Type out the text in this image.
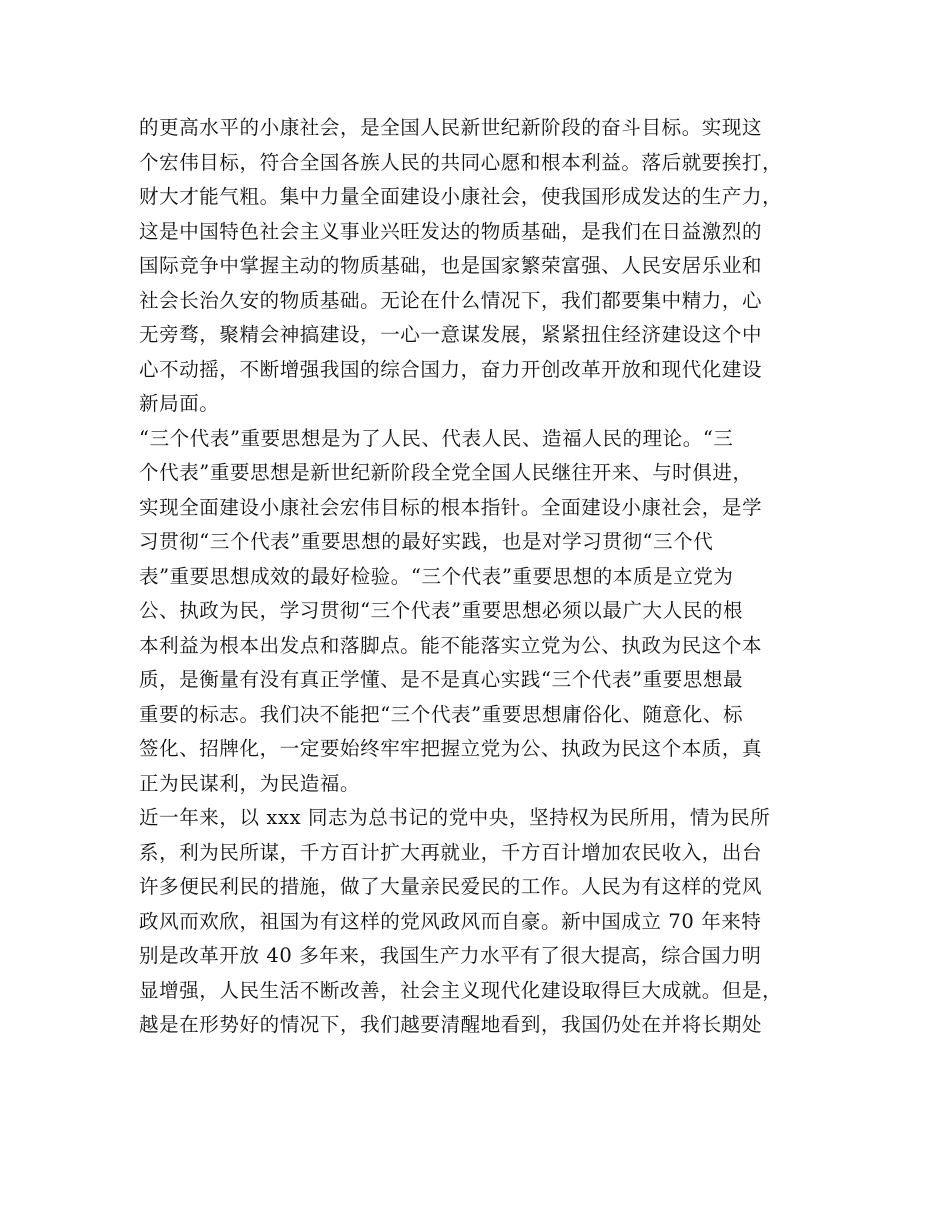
的更高水平的小康社会，是全国人民新世纪新阶段的奋斗目标。实现这
个宏伟目标，符合全国各族人民的共同心愿和根本利益。落后就要挨打，
财大才能气粗。集中力量全面建设小康社会，使我国形成发达的生产力，
这是中国特色社会主义事业兴旺发达的物质基础，是我们在日益激烈的
国际竞争中掌握主动的物质基础，也是国家繁荣富强、人民安居乐业和
社会长治久安的物质基础。无论在什么情况下，我们都要集中精力，心
无旁骛，聚精会神搞建设，一心一意谋发展，紧紧扭住经济建设这个中
心不动摇，不断增强我国的综合国力，奋力开创改革开放和现代化建设
新局面。
“三个代表”重要思想是为了人民、代表人民、造福人民的理论。“三
个代表”重要思想是新世纪新阶段全党全国人民继往开来、与时俱进，
实现全面建设小康社会宏伟目标的根本指针。全面建设小康社会，是学
习贯彻“三个代表”重要思想的最好实践，也是对学习贯彻“三个代
表”重要思想成效的最好检验。“三个代表”重要思想的本质是立党为
公、执政为民，学习贯彻“三个代表”重要思想必须以最广大人民的根
本利益为根本出发点和落脚点。能不能落实立党为公、执政为民这个本
质，是衡量有没有真正学懂、是不是真心实践“三个代表”重要思想最
重要的标志。我们决不能把“三个代表”重要思想庸俗化、随意化、标
签化、招牌化，一定要始终牢牢把握立党为公、执政为民这个本质，真
正为民谋利，为民造福。
近一年来，以 xxx 同志为总书记的党中央，坚持权为民所用，情为民所
系，利为民所谋，千方百计扩大再就业，千方百计增加农民收入，出台
许多便民利民的措施，做了大量亲民爱民的工作。人民为有这样的党风
政风而欢欣，祖国为有这样的党风政风而自豪。新中国成立 70 年来特
别是改革开放 40 多年来，我国生产力水平有了很大提高，综合国力明
显增强，人民生活不断改善，社会主义现代化建设取得巨大成就。但是，
越是在形势好的情况下，我们越要清醒地看到，我国仍处在并将长期处
